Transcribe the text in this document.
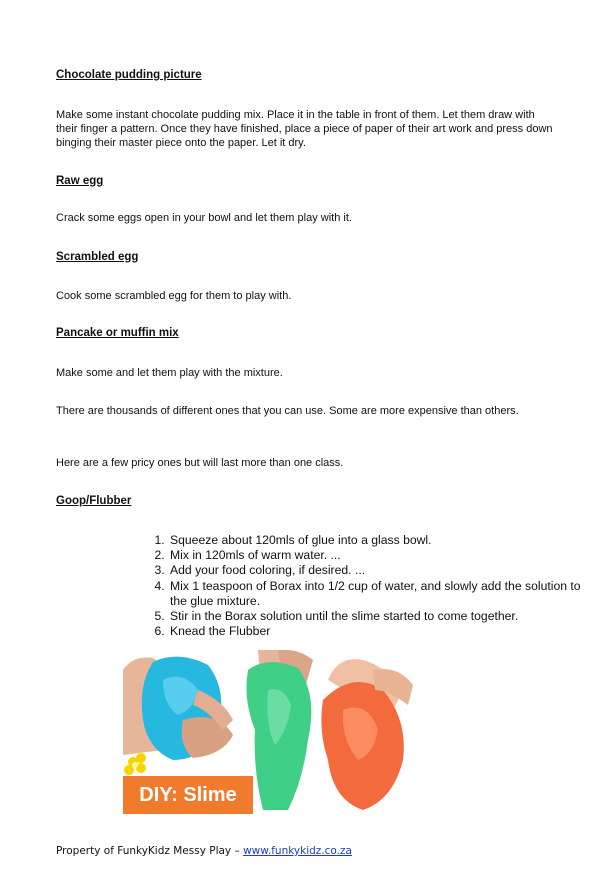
Chocolate pudding picture
Make some instant chocolate pudding mix. Place it in the table in front of them. Let them draw with their finger a pattern. Once they have finished, place a piece of paper of their art work and press down binging their master piece onto the paper. Let it dry.
Raw egg
Crack some eggs open in your bowl and let them play with it.
Scrambled egg
Cook some scrambled egg for them to play with.
Pancake or muffin mix
Make some and let them play with the mixture.
There are thousands of different ones that you can use. Some are more expensive than others.
Here are a few pricy ones but will last more than one class.
Goop/Flubber
1. Squeeze about 120mls of glue into a glass bowl.
2. Mix in 120mls of warm water. ...
3. Add your food coloring, if desired. ...
4. Mix 1 teaspoon of Borax into 1/2 cup of water, and slowly add the solution to the glue mixture.
5. Stir in the Borax solution until the slime started to come together.
6. Knead the Flubber
DIY: Slime
Property of FunkyKidz Messy Play – www.funkykidz.co.za
